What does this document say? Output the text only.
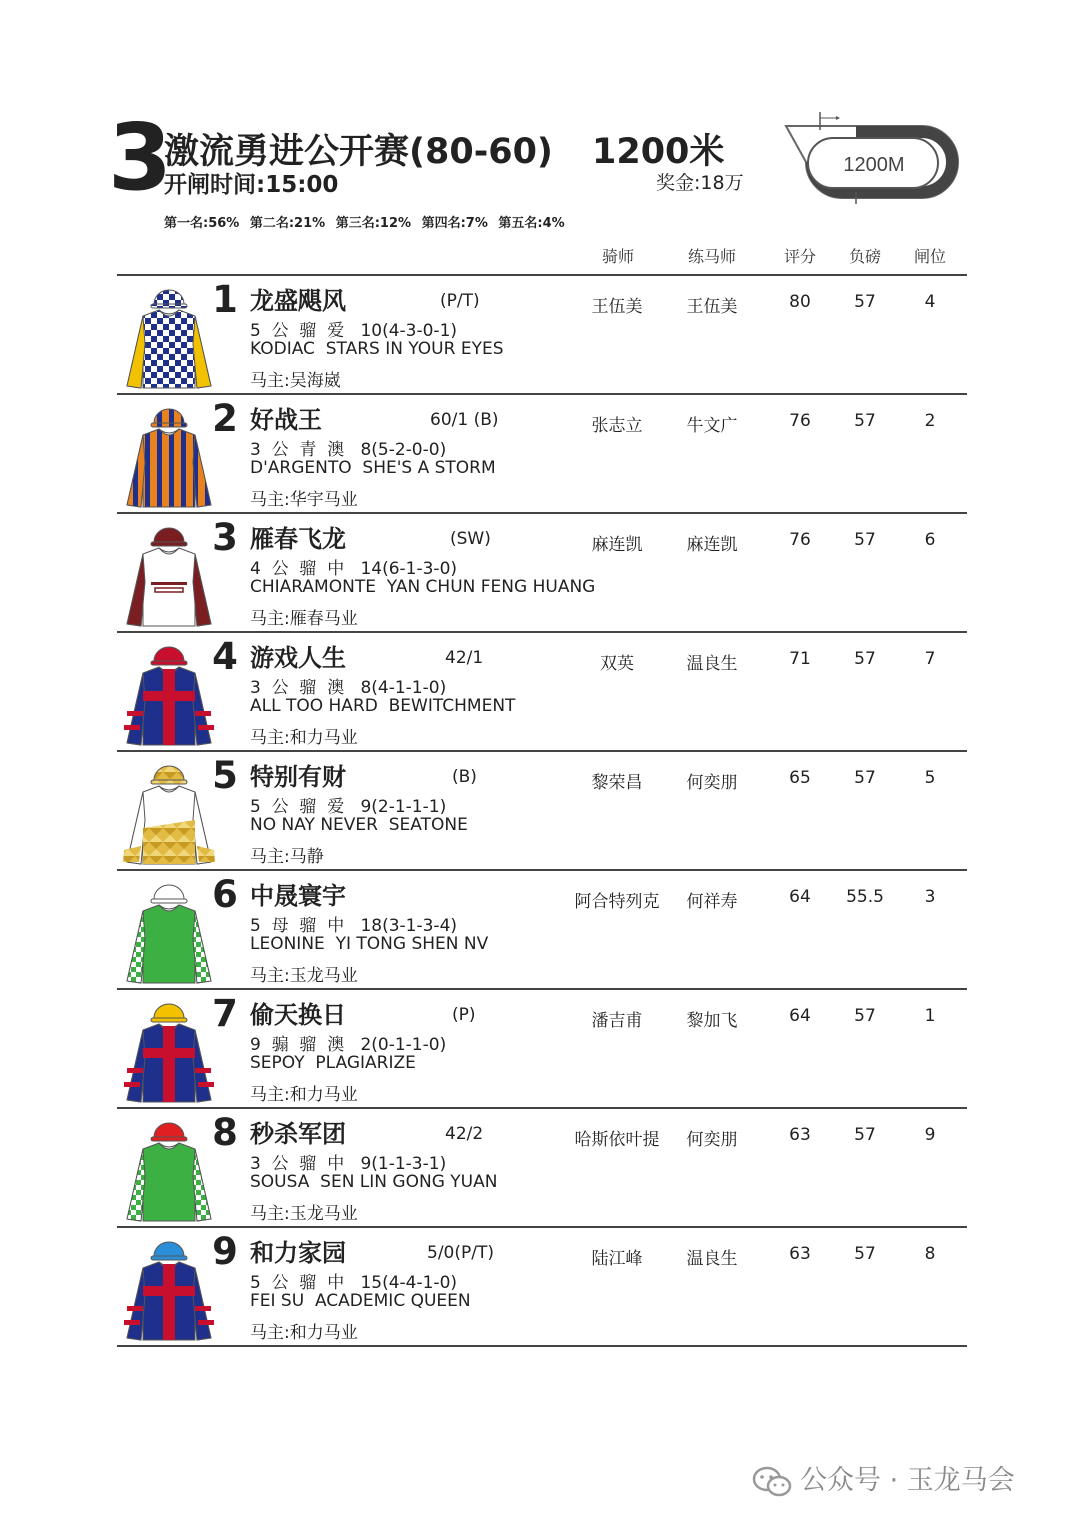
3
激流勇进公开赛(80-60) 1200米
开闸时间:15:00	奖金:18万
1200M
第一名:56% 第二名:21% 第三名:12% 第四名:7% 第五名:4%
骑师	练马师	评分	负磅	闸位
1 龙盛飓风	(P/T)
5  公  骝  爱   10(4-3-0-1)
KODIAC  STARS IN YOUR EYES
马主:吴海崴
王伍美	王伍美	80	57	4
2 好战王	60/1 (B)
3  公  青  澳   8(5-2-0-0)
D'ARGENTO  SHE'S A STORM
马主:华宇马业
张志立	牛文广	76	57	2
3 雁春飞龙	(SW)
4  公  骝  中   14(6-1-3-0)
CHIARAMONTE  YAN CHUN FENG HUANG
马主:雁春马业
麻连凯	麻连凯	76	57	6
4 游戏人生	42/1
3  公  骝  澳   8(4-1-1-0)
ALL TOO HARD  BEWITCHMENT
马主:和力马业
双英	温良生	71	57	7
5 特别有财	(B)
5  公  骝  爱   9(2-1-1-1)
NO NAY NEVER  SEATONE
马主:马静
黎荣昌	何奕朋	65	57	5
6 中晟寰宇
5  母  骝  中   18(3-1-3-4)
LEONINE  YI TONG SHEN NV
马主:玉龙马业
阿合特列克	何祥寿	64	55.5	3
7 偷天换日	(P)
9  骟  骝  澳   2(0-1-1-0)
SEPOY  PLAGIARIZE
马主:和力马业
潘吉甫	黎加飞	64	57	1
8 秒杀军团	42/2
3  公  骝  中   9(1-1-3-1)
SOUSA  SEN LIN GONG YUAN
马主:玉龙马业
哈斯依叶提	何奕朋	63	57	9
9 和力家园	5/0(P/T)
5  公  骝  中   15(4-4-1-0)
FEI SU  ACADEMIC QUEEN
马主:和力马业
陆江峰	温良生	63	57	8
公众号 · 玉龙马会
